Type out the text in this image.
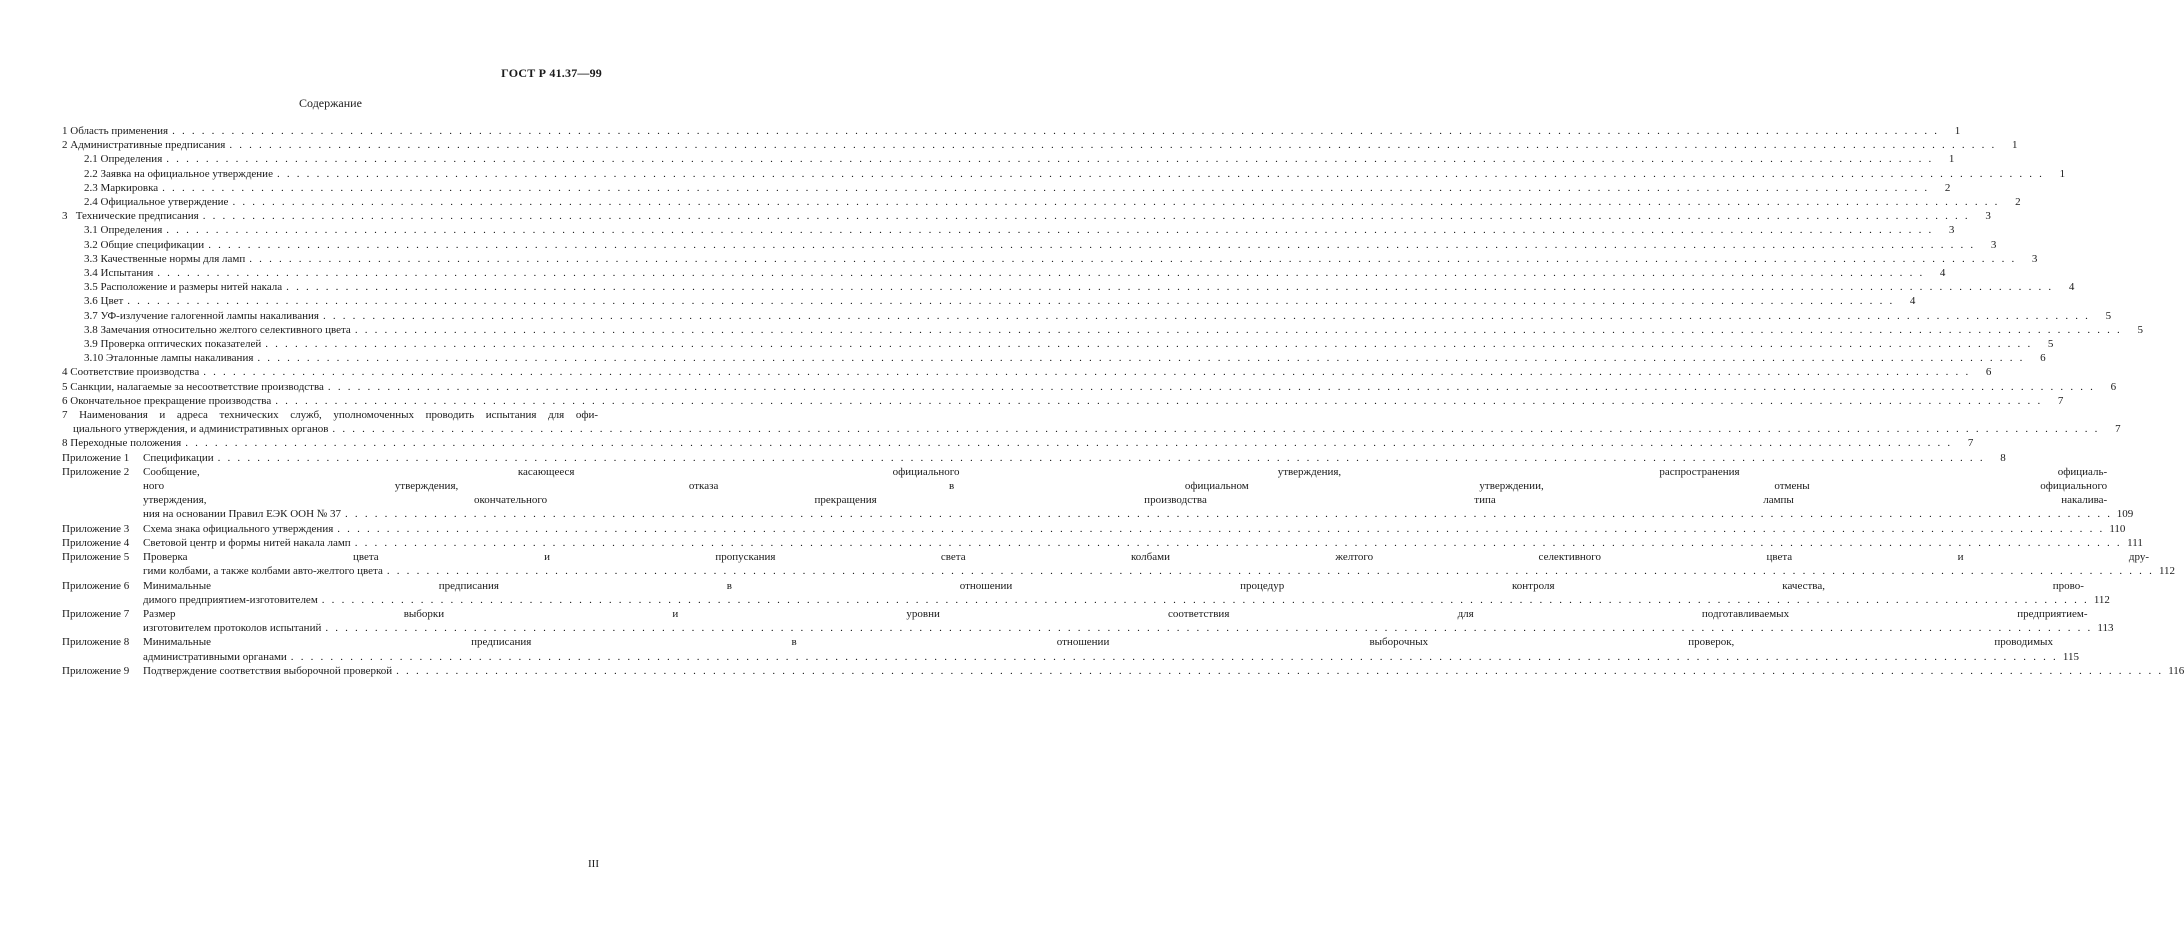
ГОСТ Р 41.37—99
Содержание
1 Область применения . . .	1
2 Административные предписания . . .	1
2.1 Определения . . .	1
2.2 Заявка на официальное утверждение . . .	1
2.3 Маркировка . . .	2
2.4 Официальное утверждение . . .	2
3   Технические предписания . . .	3
3.1 Определения . . .	3
3.2 Общие спецификации . . .	3
3.3 Качественные нормы для ламп . . .	3
3.4 Испытания . . .	4
3.5 Расположение и размеры нитей накала . . .	4
3.6 Цвет . . .	4
3.7 УФ-излучение галогенной лампы накаливания . . .	5
3.8 Замечания относительно желтого селективного цвета . . .	5
3.9 Проверка оптических показателей . . .	5
3.10 Эталонные лампы накаливания . . .	6
4 Соответствие производства . . .	6
5 Санкции, налагаемые за несоответствие производства . . .	6
6 Окончательное прекращение производства . . .	7
7 Наименования и адреса технических служб, уполномоченных проводить испытания для офи-
циального утверждения, и административных органов . . .	7
8 Переходные положения . . .	7
Приложение 1	Спецификации . . .	8
Приложение 2	Сообщение, касающееся официального утверждения, распространения официаль-
ного утверждения, отказа в официальном утверждении, отмены официального
утверждения, окончательного прекращения производства типа лампы накалива-
ния на основании Правил ЕЭК ООН № 37 . . .	109
Приложение 3	Схема знака официального утверждения . . .	110
Приложение 4	Световой центр и формы нитей накала ламп . . .	111
Приложение 5	Проверка цвета и пропускания света колбами желтого селективного цвета и дру-
гими колбами, а также колбами авто-желтого цвета . . .	112
Приложение 6	Минимальные предписания в отношении процедур контроля качества, прово-
димого предприятием-изготовителем . . .	112
Приложение 7	Размер выборки и уровни соответствия для подготавливаемых предприятием-
изготовителем протоколов испытаний . . .	113
Приложение 8	Минимальные предписания в отношении выборочных проверок, проводимых
административными органами . . .	115
Приложение 9	Подтверждение соответствия выборочной проверкой . . .	116
III
